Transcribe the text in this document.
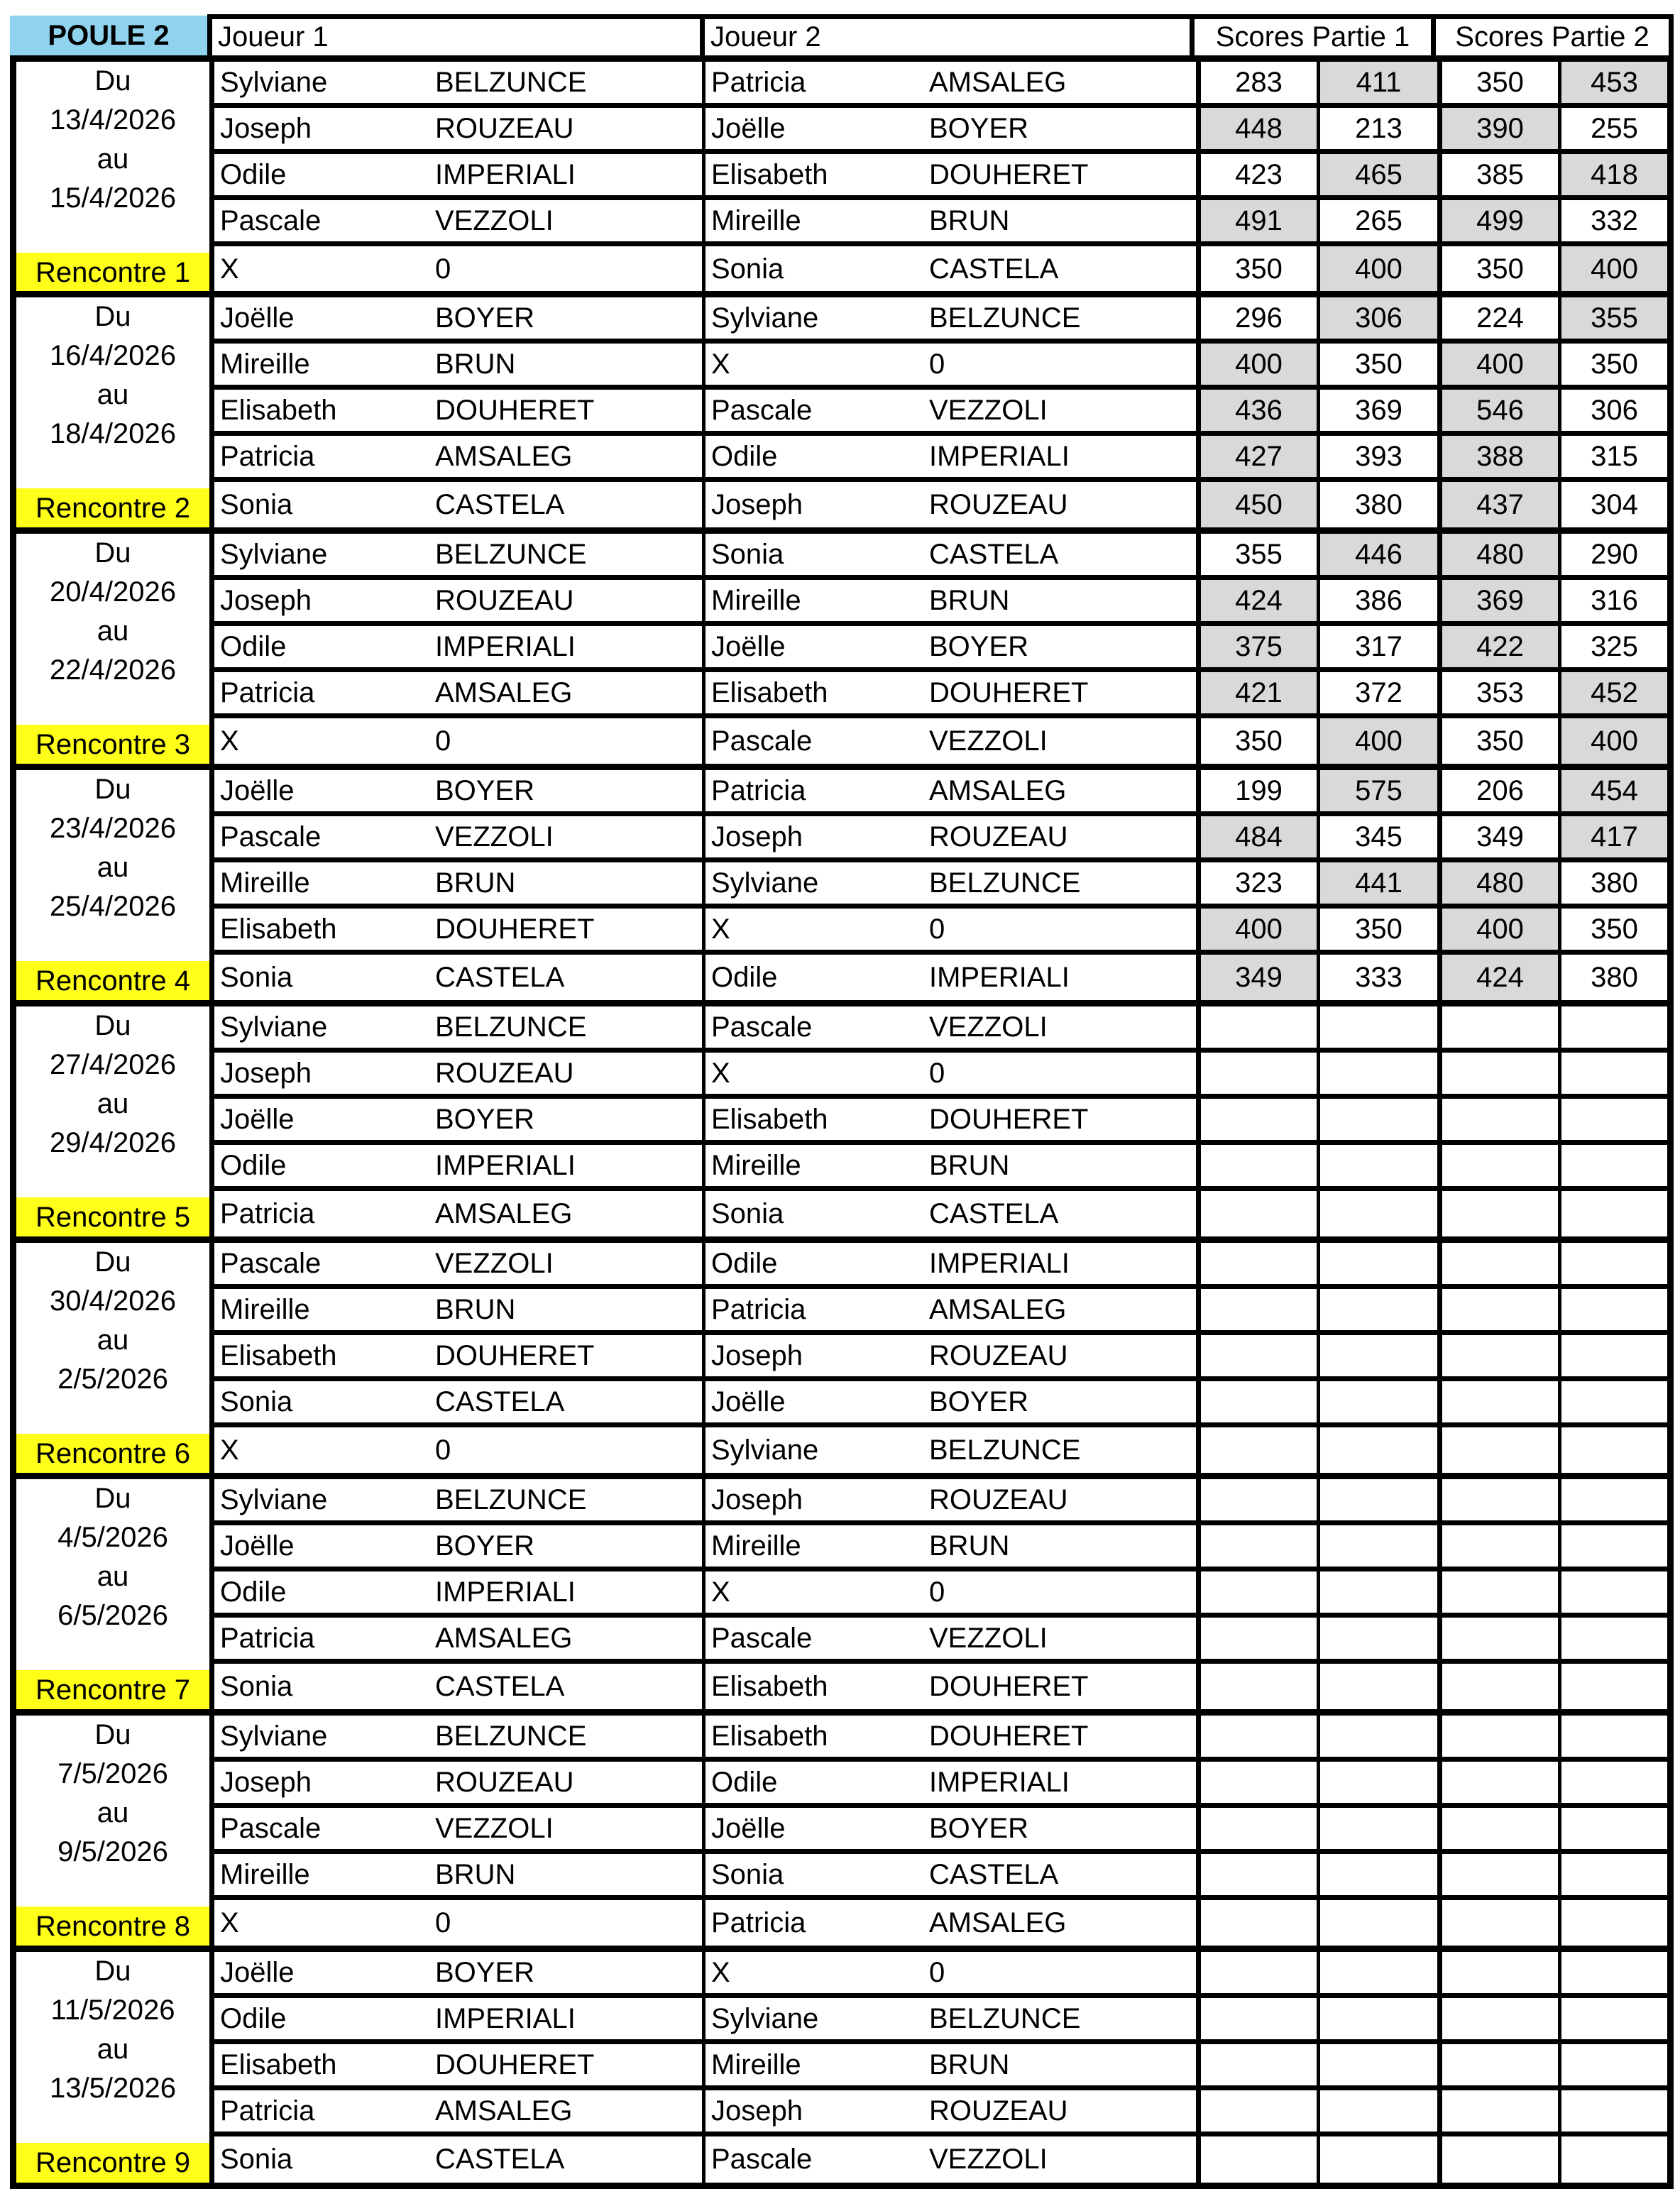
POULE 2	Joueur 1	Joueur 2	Scores Partie 1	Scores Partie 2
Du
13/4/2026
au
15/4/2026
Rencontre 1
Sylviane	BELZUNCE	Patricia	AMSALEG	283	411	350	453
Joseph	ROUZEAU	Joëlle	BOYER	448	213	390	255
Odile	IMPERIALI	Elisabeth	DOUHERET	423	465	385	418
Pascale	VEZZOLI	Mireille	BRUN	491	265	499	332
X	0	Sonia	CASTELA	350	400	350	400
Du
16/4/2026
au
18/4/2026
Rencontre 2
Joëlle	BOYER	Sylviane	BELZUNCE	296	306	224	355
Mireille	BRUN	X	0	400	350	400	350
Elisabeth	DOUHERET	Pascale	VEZZOLI	436	369	546	306
Patricia	AMSALEG	Odile	IMPERIALI	427	393	388	315
Sonia	CASTELA	Joseph	ROUZEAU	450	380	437	304
Du
20/4/2026
au
22/4/2026
Rencontre 3
Sylviane	BELZUNCE	Sonia	CASTELA	355	446	480	290
Joseph	ROUZEAU	Mireille	BRUN	424	386	369	316
Odile	IMPERIALI	Joëlle	BOYER	375	317	422	325
Patricia	AMSALEG	Elisabeth	DOUHERET	421	372	353	452
X	0	Pascale	VEZZOLI	350	400	350	400
Du
23/4/2026
au
25/4/2026
Rencontre 4
Joëlle	BOYER	Patricia	AMSALEG	199	575	206	454
Pascale	VEZZOLI	Joseph	ROUZEAU	484	345	349	417
Mireille	BRUN	Sylviane	BELZUNCE	323	441	480	380
Elisabeth	DOUHERET	X	0	400	350	400	350
Sonia	CASTELA	Odile	IMPERIALI	349	333	424	380
Du
27/4/2026
au
29/4/2026
Rencontre 5
Sylviane	BELZUNCE	Pascale	VEZZOLI
Joseph	ROUZEAU	X	0
Joëlle	BOYER	Elisabeth	DOUHERET
Odile	IMPERIALI	Mireille	BRUN
Patricia	AMSALEG	Sonia	CASTELA
Du
30/4/2026
au
2/5/2026
Rencontre 6
Pascale	VEZZOLI	Odile	IMPERIALI
Mireille	BRUN	Patricia	AMSALEG
Elisabeth	DOUHERET	Joseph	ROUZEAU
Sonia	CASTELA	Joëlle	BOYER
X	0	Sylviane	BELZUNCE
Du
4/5/2026
au
6/5/2026
Rencontre 7
Sylviane	BELZUNCE	Joseph	ROUZEAU
Joëlle	BOYER	Mireille	BRUN
Odile	IMPERIALI	X	0
Patricia	AMSALEG	Pascale	VEZZOLI
Sonia	CASTELA	Elisabeth	DOUHERET
Du
7/5/2026
au
9/5/2026
Rencontre 8
Sylviane	BELZUNCE	Elisabeth	DOUHERET
Joseph	ROUZEAU	Odile	IMPERIALI
Pascale	VEZZOLI	Joëlle	BOYER
Mireille	BRUN	Sonia	CASTELA
X	0	Patricia	AMSALEG
Du
11/5/2026
au
13/5/2026
Rencontre 9
Joëlle	BOYER	X	0
Odile	IMPERIALI	Sylviane	BELZUNCE
Elisabeth	DOUHERET	Mireille	BRUN
Patricia	AMSALEG	Joseph	ROUZEAU
Sonia	CASTELA	Pascale	VEZZOLI
